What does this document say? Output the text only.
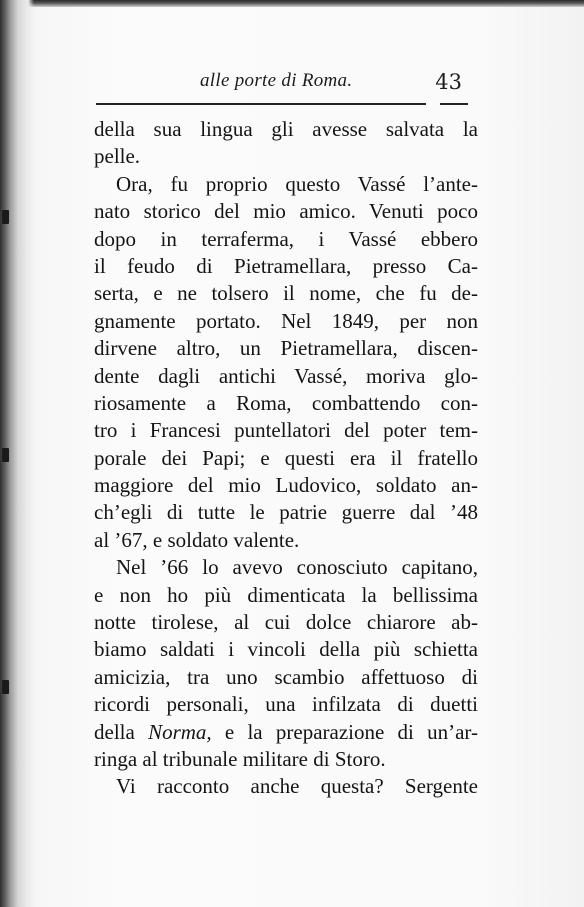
alle porte di Roma.	43
della sua lingua gli avesse salvata la
pelle.
Ora, fu proprio questo Vassé l’ante-
nato storico del mio amico. Venuti poco
dopo in terraferma, i Vassé ebbero
il feudo di Pietramellara, presso Ca-
serta, e ne tolsero il nome, che fu de-
gnamente portato. Nel 1849, per non
dirvene altro, un Pietramellara, discen-
dente dagli antichi Vassé, moriva glo-
riosamente a Roma, combattendo con-
tro i Francesi puntellatori del poter tem-
porale dei Papi; e questi era il fratello
maggiore del mio Ludovico, soldato an-
ch’egli di tutte le patrie guerre dal ’48
al ’67, e soldato valente.
Nel ’66 lo avevo conosciuto capitano,
e non ho più dimenticata la bellissima
notte tirolese, al cui dolce chiarore ab-
biamo saldati i vincoli della più schietta
amicizia, tra uno scambio affettuoso di
ricordi personali, una infilzata di duetti
della Norma, e la preparazione di un’ar-
ringa al tribunale militare di Storo.
Vi racconto anche questa? Sergente
